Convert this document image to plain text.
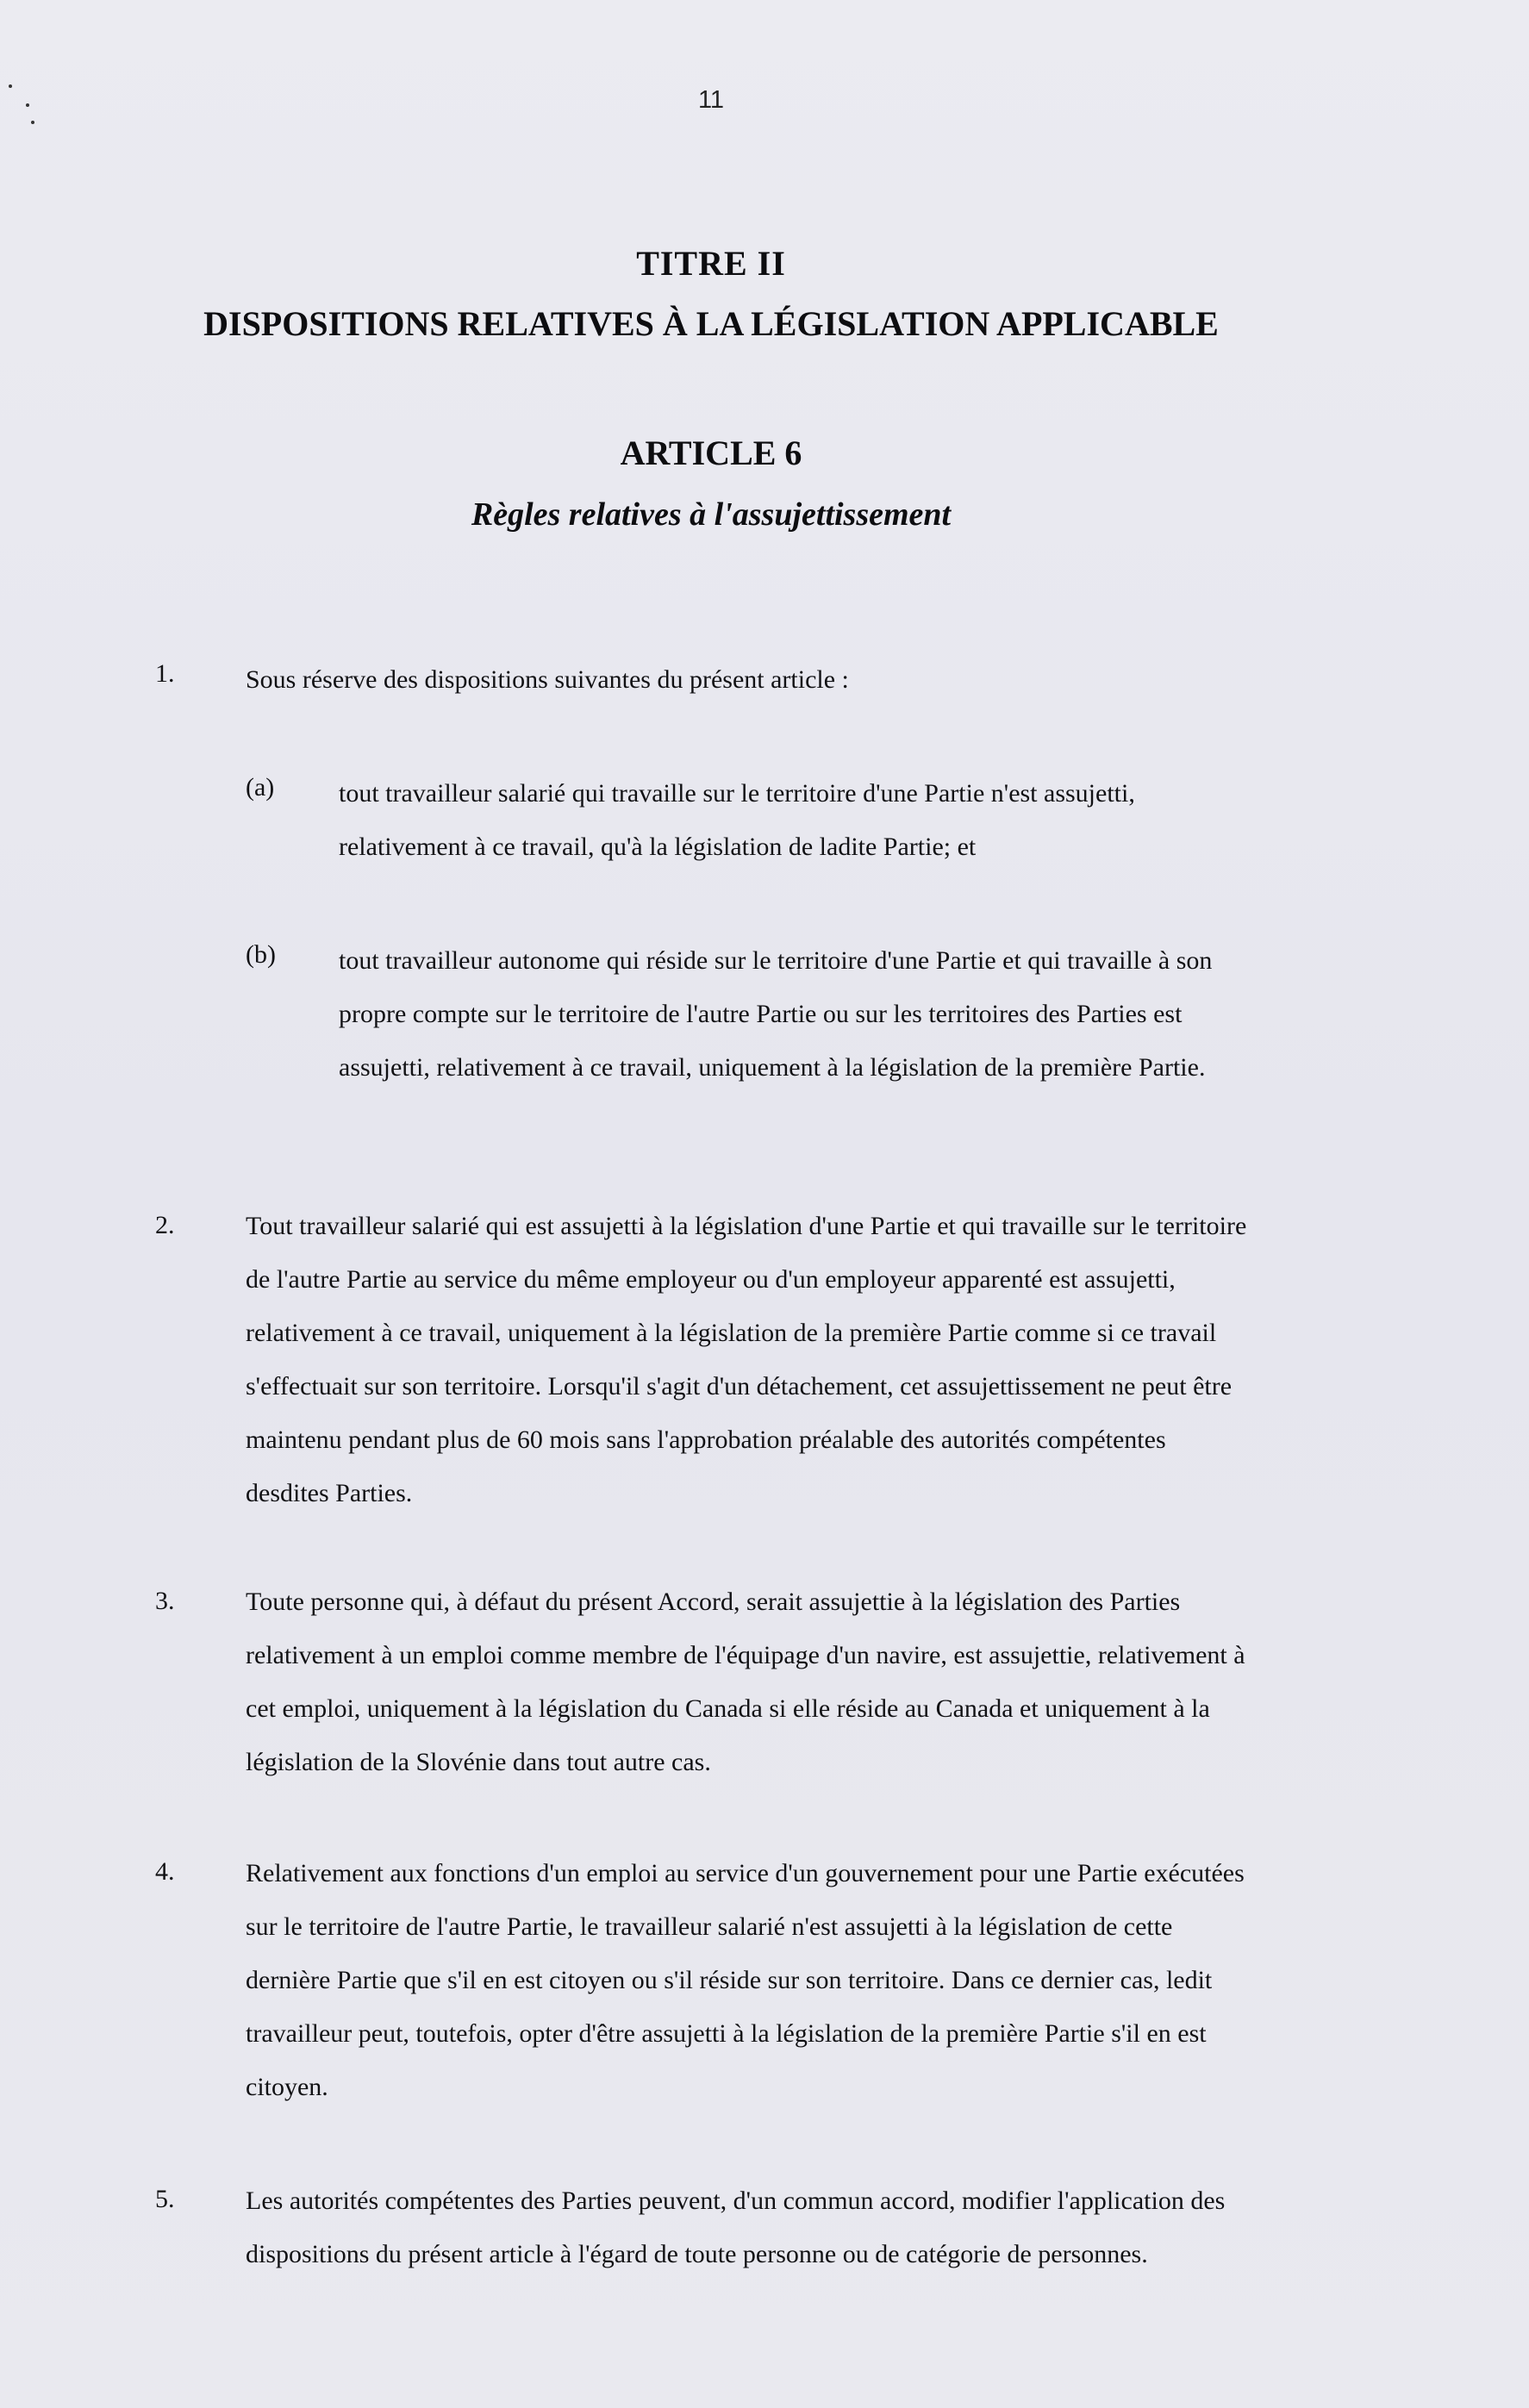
11
TITRE II
DISPOSITIONS RELATIVES À LA LÉGISLATION APPLICABLE
ARTICLE 6
Règles relatives à l'assujettissement
1.	Sous réserve des dispositions suivantes du présent article :
(a) tout travailleur salarié qui travaille sur le territoire d'une Partie n'est assujetti, relativement à ce travail, qu'à la législation de ladite Partie; et
(b) tout travailleur autonome qui réside sur le territoire d'une Partie et qui travaille à son propre compte sur le territoire de l'autre Partie ou sur les territoires des Parties est assujetti, relativement à ce travail, uniquement à la législation de la première Partie.
2.	Tout travailleur salarié qui est assujetti à la législation d'une Partie et qui travaille sur le territoire de l'autre Partie au service du même employeur ou d'un employeur apparenté est assujetti, relativement à ce travail, uniquement à la législation de la première Partie comme si ce travail s'effectuait sur son territoire. Lorsqu'il s'agit d'un détachement, cet assujettissement ne peut être maintenu pendant plus de 60 mois sans l'approbation préalable des autorités compétentes desdites Parties.
3.	Toute personne qui, à défaut du présent Accord, serait assujettie à la législation des Parties relativement à un emploi comme membre de l'équipage d'un navire, est assujettie, relativement à cet emploi, uniquement à la législation du Canada si elle réside au Canada et uniquement à la législation de la Slovénie dans tout autre cas.
4.	Relativement aux fonctions d'un emploi au service d'un gouvernement pour une Partie exécutées sur le territoire de l'autre Partie, le travailleur salarié n'est assujetti à la législation de cette dernière Partie que s'il en est citoyen ou s'il réside sur son territoire. Dans ce dernier cas, ledit travailleur peut, toutefois, opter d'être assujetti à la législation de la première Partie s'il en est citoyen.
5.	Les autorités compétentes des Parties peuvent, d'un commun accord, modifier l'application des dispositions du présent article à l'égard de toute personne ou de catégorie de personnes.
